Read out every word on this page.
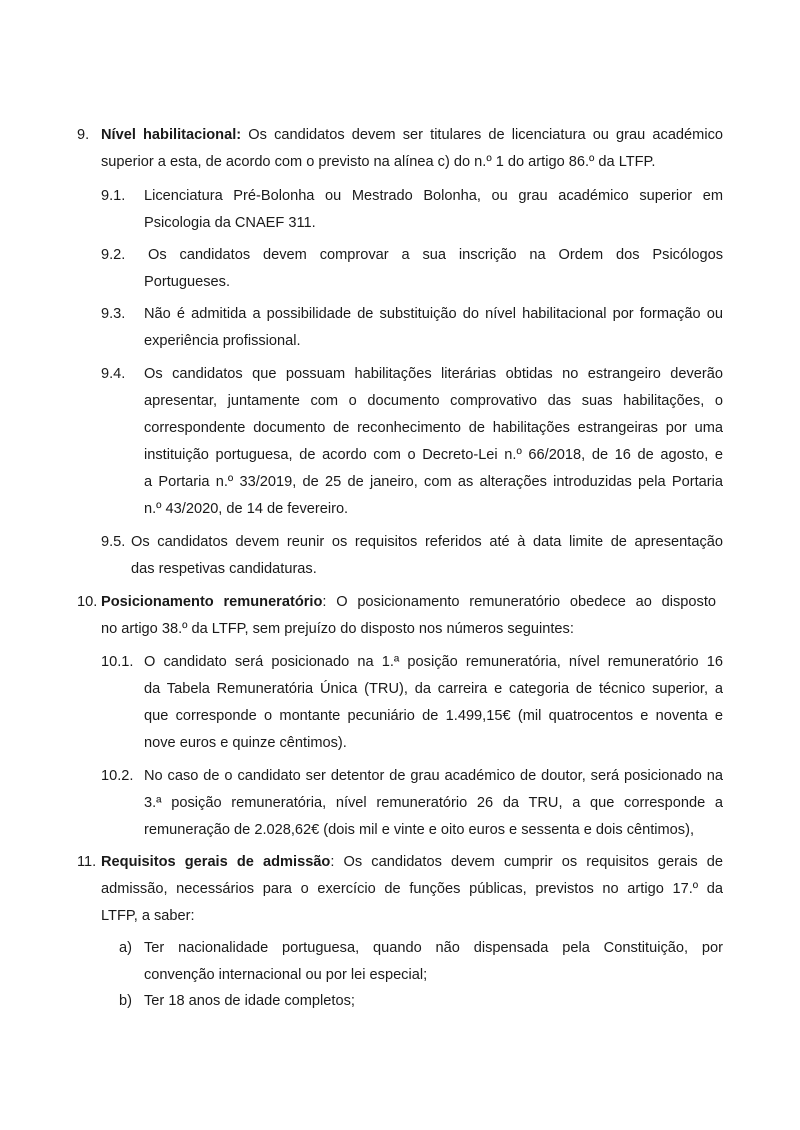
9. Nível habilitacional: Os candidatos devem ser titulares de licenciatura ou grau académico
superior a esta, de acordo com o previsto na alínea c) do n.º 1 do artigo 86.º da LTFP.
9.1. Licenciatura Pré-Bolonha ou Mestrado Bolonha, ou grau académico superior em
Psicologia da CNAEF 311.
9.2. Os candidatos devem comprovar a sua inscrição na Ordem dos Psicólogos
Portugueses.
9.3. Não é admitida a possibilidade de substituição do nível habilitacional por formação ou
experiência profissional.
9.4. Os candidatos que possuam habilitações literárias obtidas no estrangeiro deverão
apresentar, juntamente com o documento comprovativo das suas habilitações, o
correspondente documento de reconhecimento de habilitações estrangeiras por uma
instituição portuguesa, de acordo com o Decreto-Lei n.º 66/2018, de 16 de agosto, e
a Portaria n.º 33/2019, de 25 de janeiro, com as alterações introduzidas pela Portaria
n.º 43/2020, de 14 de fevereiro.
9.5. Os candidatos devem reunir os requisitos referidos até à data limite de apresentação
das respetivas candidaturas.
10. Posicionamento remuneratório: O posicionamento remuneratório obedece ao disposto
no artigo 38.º da LTFP, sem prejuízo do disposto nos números seguintes:
10.1. O candidato será posicionado na 1.ª posição remuneratória, nível remuneratório 16
da Tabela Remuneratória Única (TRU), da carreira e categoria de técnico superior, a
que corresponde o montante pecuniário de 1.499,15€ (mil quatrocentos e noventa e
nove euros e quinze cêntimos).
10.2. No caso de o candidato ser detentor de grau académico de doutor, será posicionado na
3.ª posição remuneratória, nível remuneratório 26 da TRU, a que corresponde a
remuneração de 2.028,62€ (dois mil e vinte e oito euros e sessenta e dois cêntimos),
11. Requisitos gerais de admissão: Os candidatos devem cumprir os requisitos gerais de
admissão, necessários para o exercício de funções públicas, previstos no artigo 17.º da
LTFP, a saber:
a) Ter nacionalidade portuguesa, quando não dispensada pela Constituição, por
convenção internacional ou por lei especial;
b) Ter 18 anos de idade completos;
